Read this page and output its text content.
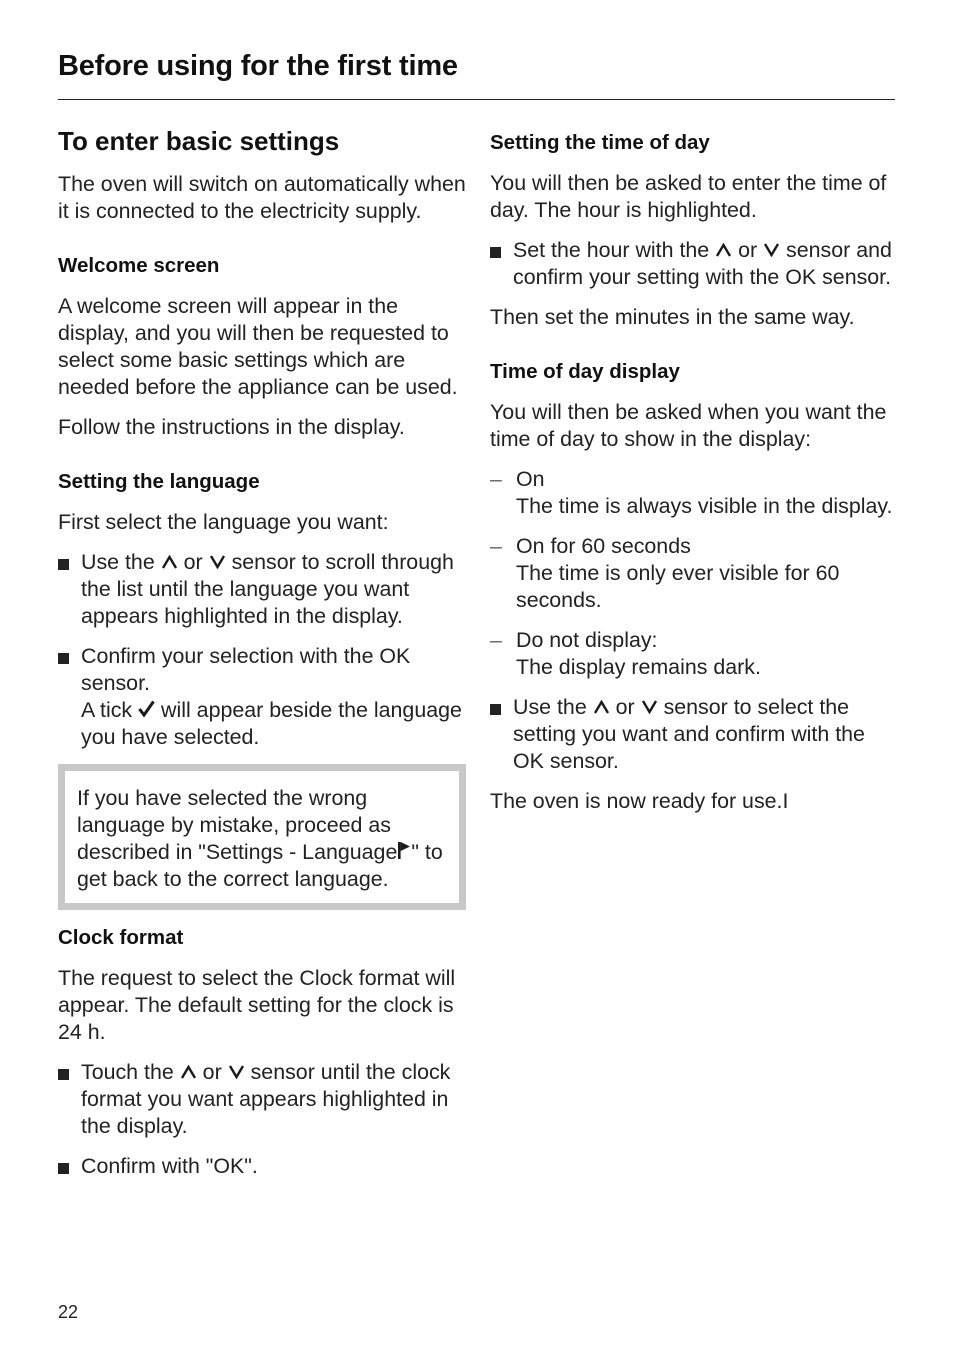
Before using for the first time
To enter basic settings

The oven will switch on automatically when it is connected to the electricity supply.

Welcome screen

A welcome screen will appear in the display, and you will then be requested to select some basic settings which are needed before the appliance can be used.

Follow the instructions in the display.

Setting the language

First select the language you want:

Use the or sensor to scroll through the list until the language you want appears highlighted in the display.
Confirm your selection with the OK sensor.
A tick will appear beside the language you have selected.
If you have selected the wrong language by mistake, proceed as described in "Settings - Language " to get back to the correct language.
Clock format

The request to select the Clock format will appear. The default setting for the clock is 24 h.

Touch the or sensor until the clock format you want appears highlighted in the display.
Confirm with "OK".
Setting the time of day

You will then be asked to enter the time of day. The hour is highlighted.

Set the hour with the or sensor and confirm your setting with the OK sensor.

Then set the minutes in the same way.

Time of day display

You will then be asked when you want the time of day to show in the display:

– On
The time is always visible in the display.
– On for 60 seconds
The time is only ever visible for 60 seconds.
– Do not display:
The display remains dark.
Use the or sensor to select the setting you want and confirm with the OK sensor.

The oven is now ready for use.I

22
